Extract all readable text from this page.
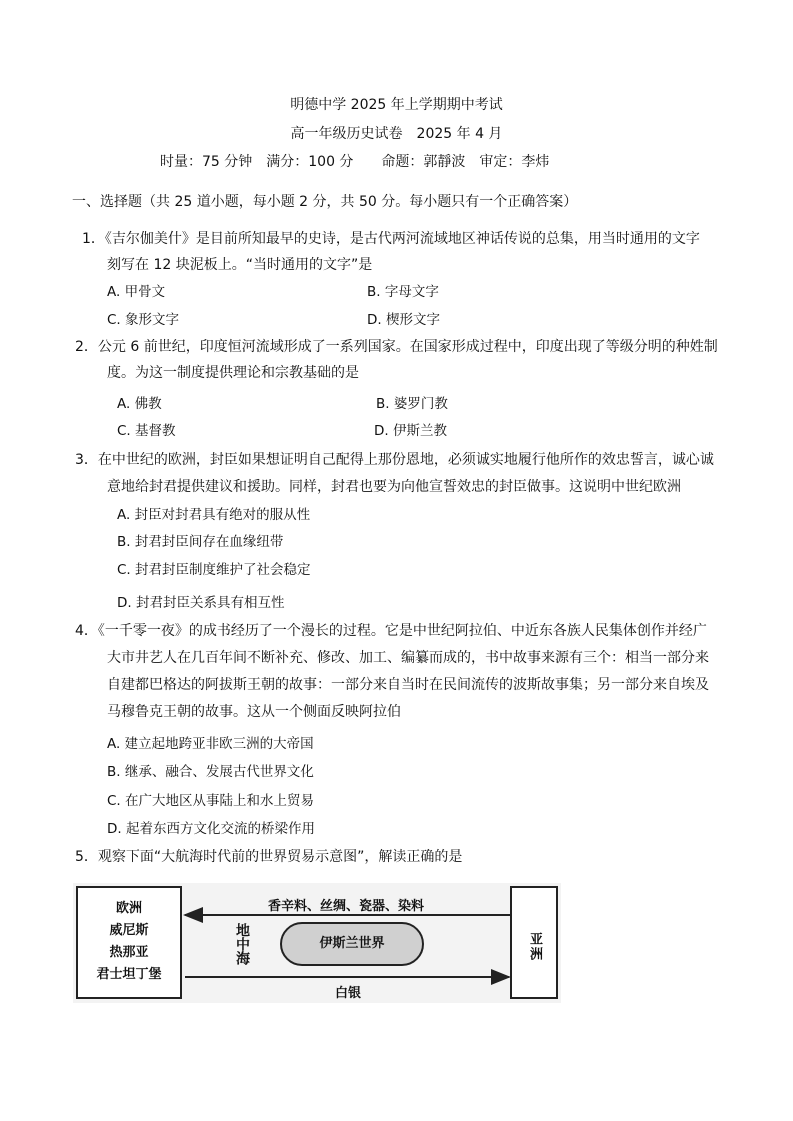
明德中学 2025 年上学期期中考试
高一年级历史试卷　2025 年 4 月
时量：75 分钟　满分：100 分　　命题：郭靜波　审定：李炜
一、选择题（共 25 道小题，每小题 2 分，共 50 分。每小题只有一个正确答案）
1．《吉尔伽美什》是目前所知最早的史诗，是古代两河流域地区神话传说的总集，用当时通用的文字
刻写在 12 块泥板上。“当时通用的文字”是
A. 甲骨文	B. 字母文字
C. 象形文字	D. 楔形文字
2．公元 6 前世纪，印度恒河流域形成了一系列国家。在国家形成过程中，印度出现了等级分明的种姓制
度。为这一制度提供理论和宗教基础的是
A. 佛教	B. 婆罗门教
C. 基督教	D. 伊斯兰教
3．在中世纪的欧洲，封臣如果想证明自己配得上那份恩地，必须诚实地履行他所作的效忠誓言，诚心诚
意地给封君提供建议和援助。同样，封君也要为向他宣誓效忠的封臣做事。这说明中世纪欧洲
A. 封臣对封君具有绝对的服从性
B. 封君封臣间存在血缘纽带
C. 封君封臣制度维护了社会稳定
D. 封君封臣关系具有相互性
4．《一千零一夜》的成书经历了一个漫长的过程。它是中世纪阿拉伯、中近东各族人民集体创作并经广
大市井艺人在几百年间不断补充、修改、加工、编纂而成的，书中故事来源有三个：相当一部分来
自建都巴格达的阿拔斯王朝的故事：一部分来自当时在民间流传的波斯故事集；另一部分来自埃及
马穆鲁克王朝的故事。这从一个侧面反映阿拉伯
A. 建立起地跨亚非欧三洲的大帝国
B. 继承、融合、发展古代世界文化
C. 在广大地区从事陆上和水上贸易
D. 起着东西方文化交流的桥梁作用
5．观察下面“大航海时代前的世界贸易示意图”，解读正确的是
欧洲
威尼斯
热那亚
君士坦丁堡
亚洲
香辛料、丝绸、瓷器、染料
白银
地中海	伊斯兰世界
